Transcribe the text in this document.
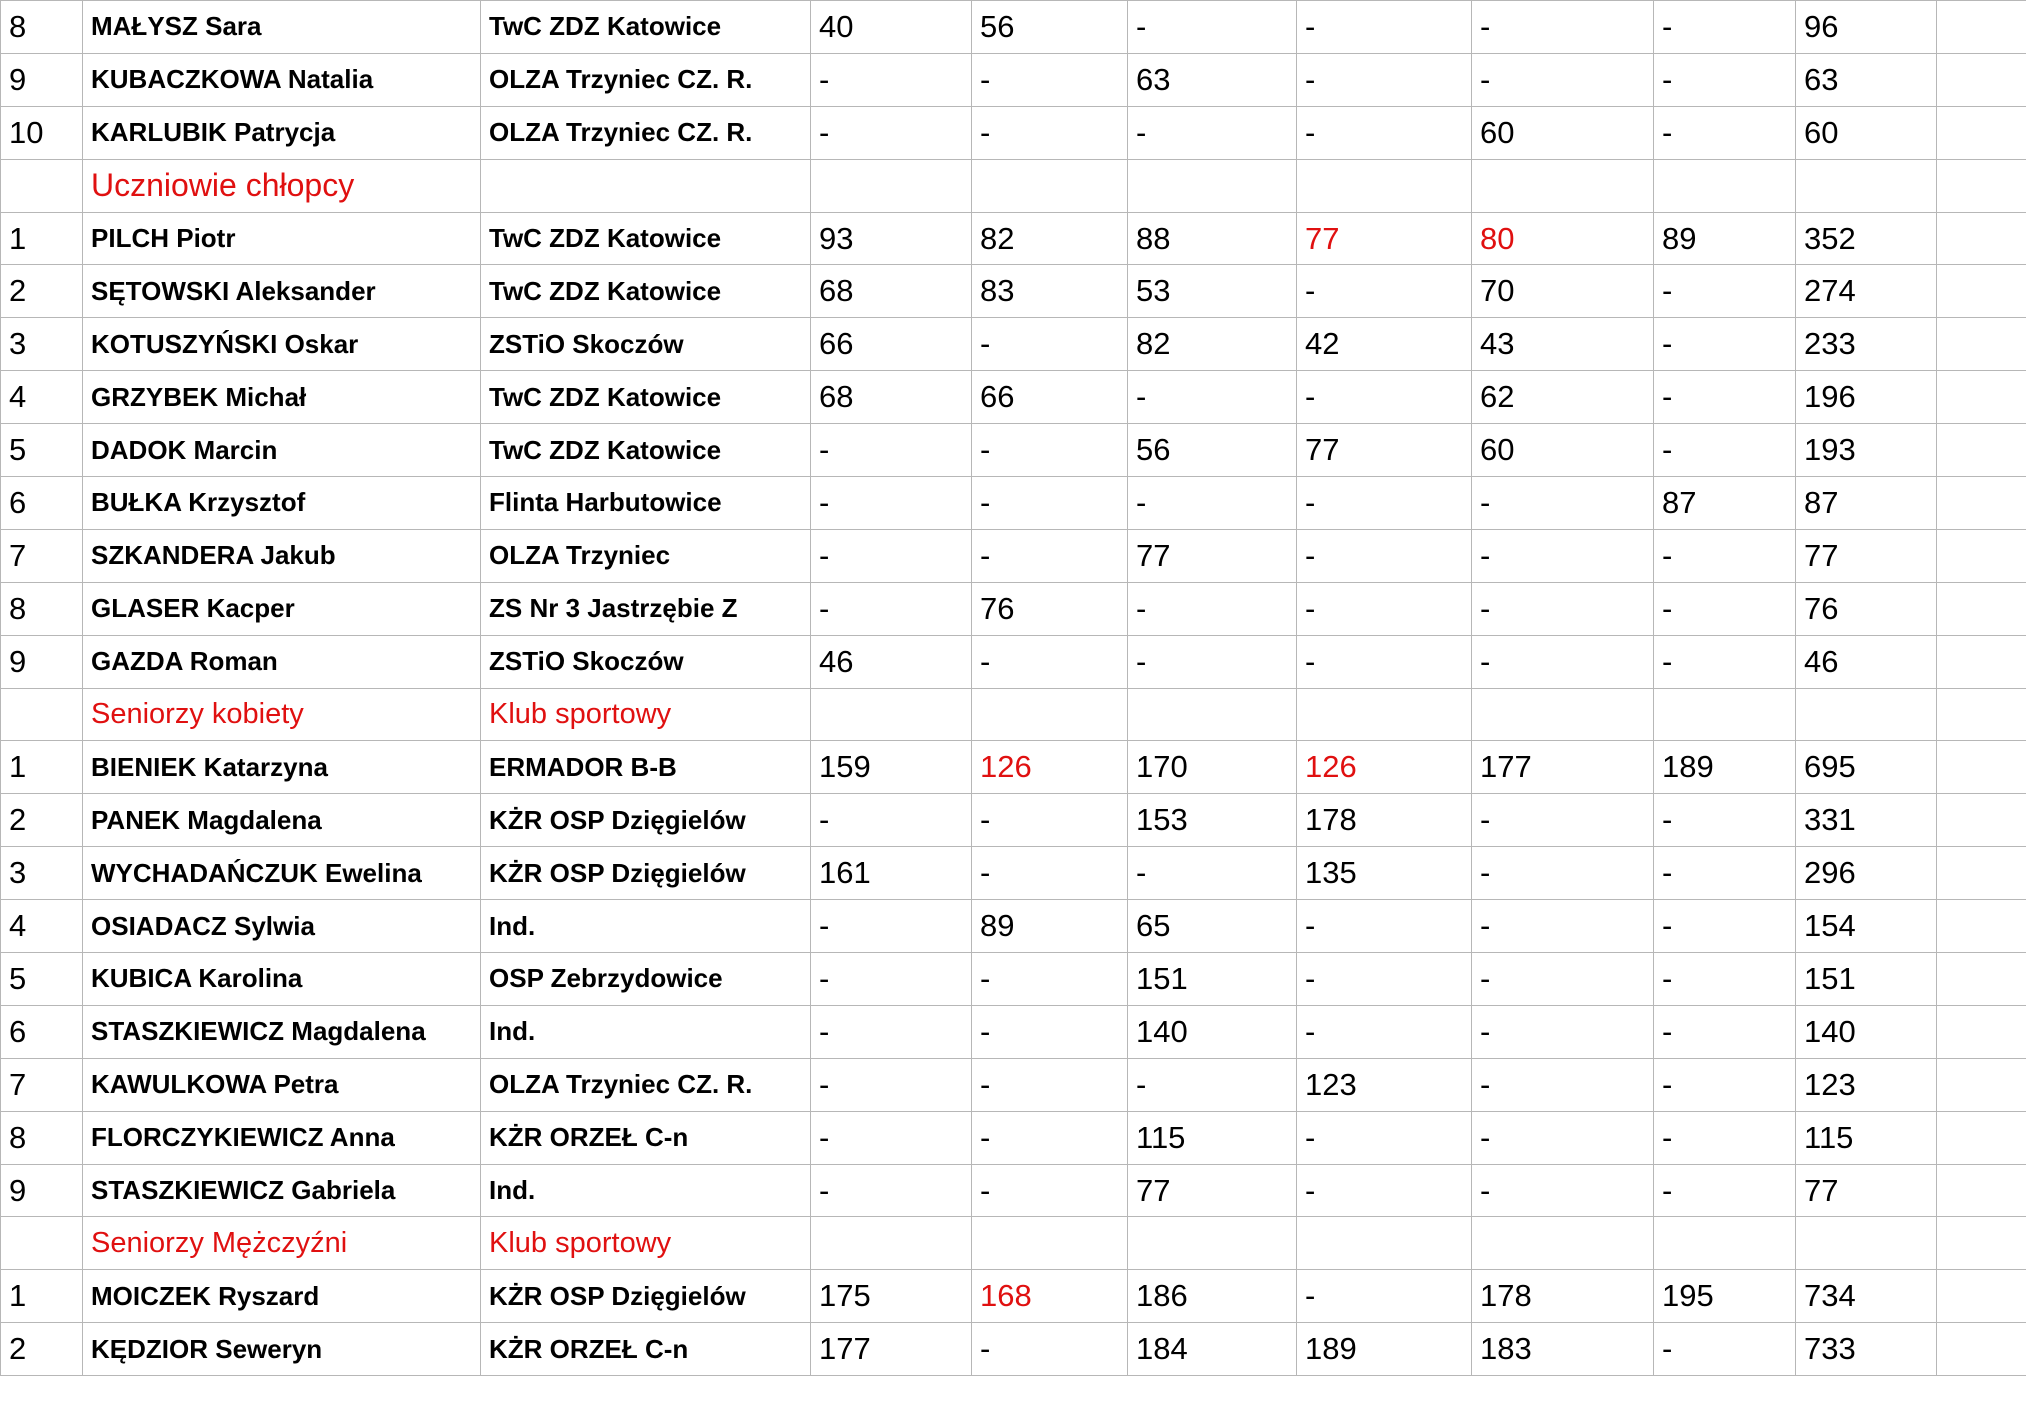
8	MAŁYSZ Sara	TwC ZDZ Katowice	40	56	-	-	-	-	96	
9	KUBACZKOWA Natalia	OLZA Trzyniec CZ. R.	-	-	63	-	-	-	63	
10	KARLUBIK Patrycja	OLZA Trzyniec CZ. R.	-	-	-	-	60	-	60	
	Uczniowie chłopcy									
1	PILCH Piotr	TwC ZDZ Katowice	93	82	88	77	80	89	352	
2	SĘTOWSKI Aleksander	TwC ZDZ Katowice	68	83	53	-	70	-	274	
3	KOTUSZYŃSKI Oskar	ZSTiO Skoczów	66	-	82	42	43	-	233	
4	GRZYBEK Michał	TwC ZDZ Katowice	68	66	-	-	62	-	196	
5	DADOK Marcin	TwC ZDZ Katowice	-	-	56	77	60	-	193	
6	BUŁKA Krzysztof	Flinta Harbutowice	-	-	-	-	-	87	87	
7	SZKANDERA Jakub	OLZA Trzyniec	-	-	77	-	-	-	77	
8	GLASER Kacper	ZS Nr 3 Jastrzębie Z	-	76	-	-	-	-	76	
9	GAZDA Roman	ZSTiO Skoczów	46	-	-	-	-	-	46	
	Seniorzy kobiety	Klub sportowy								
1	BIENIEK Katarzyna	ERMADOR B-B	159	126	170	126	177	189	695	
2	PANEK Magdalena	KŻR OSP Dzięgielów	-	-	153	178	-	-	331	
3	WYCHADAŃCZUK Ewelina	KŻR OSP Dzięgielów	161	-	-	135	-	-	296	
4	OSIADACZ Sylwia	Ind.	-	89	65	-	-	-	154	
5	KUBICA Karolina	OSP Zebrzydowice	-	-	151	-	-	-	151	
6	STASZKIEWICZ Magdalena	Ind.	-	-	140	-	-	-	140	
7	KAWULKOWA Petra	OLZA Trzyniec CZ. R.	-	-	-	123	-	-	123	
8	FLORCZYKIEWICZ Anna	KŻR ORZEŁ C-n	-	-	115	-	-	-	115	
9	STASZKIEWICZ Gabriela	Ind.	-	-	77	-	-	-	77	
	Seniorzy Mężczyźni	Klub sportowy								
1	MOICZEK Ryszard	KŻR OSP Dzięgielów	175	168	186	-	178	195	734	
2	KĘDZIOR Seweryn	KŻR ORZEŁ C-n	177	-	184	189	183	-	733	
